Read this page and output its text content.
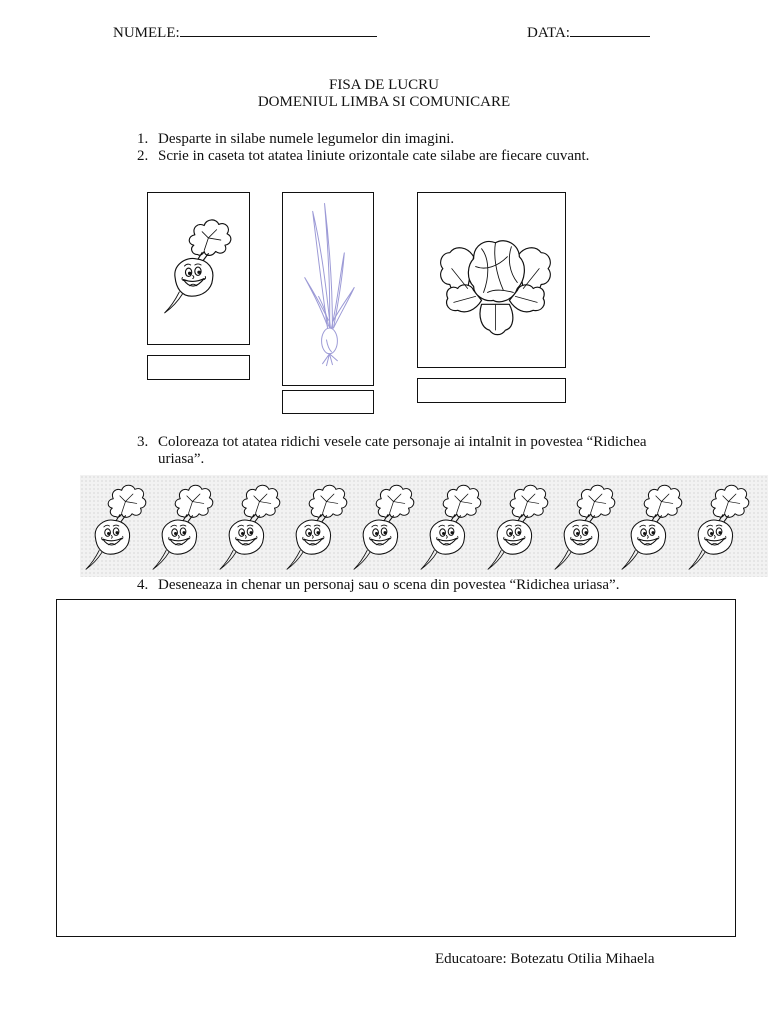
NUMELE:	DATA:
FISA DE LUCRU
DOMENIUL LIMBA SI COMUNICARE
1. Desparte in silabe numele legumelor din imagini.
2. Scrie in caseta tot atatea liniute orizontale cate silabe are fiecare cuvant.
3. Coloreaza tot atatea ridichi vesele cate personaje ai intalnit in povestea “Ridichea uriasa”.
4. Deseneaza in chenar un personaj sau o scena din povestea “Ridichea uriasa”.
Educatoare: Botezatu Otilia Mihaela
